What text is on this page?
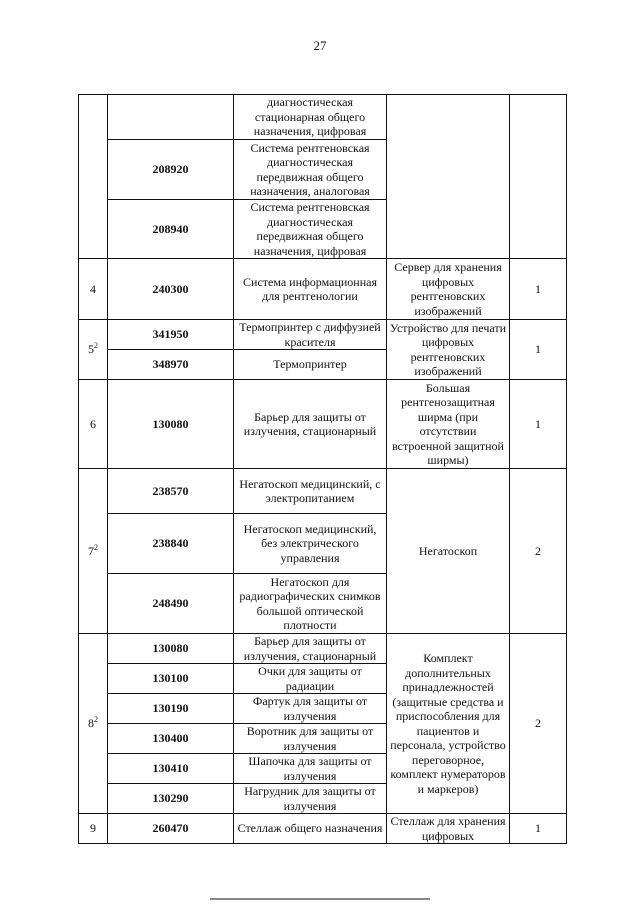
27
		диагностическая стационарная общего назначения, цифровая		
	208920	Система рентгеновская диагностическая передвижная общего назначения, аналоговая		
	208940	Система рентгеновская диагностическая передвижная общего назначения, цифровая		
4	240300	Система информационная для рентгенологии	Сервер для хранения цифровых рентгеновских изображений	1
$5^2$	341950	Термопринтер с диффузией красителя	Устройство для печати цифровых рентгеновских изображений	1
	348970	Термопринтер		
6	130080	Барьер для защиты от излучения, стационарный	Большая рентгенозащитная ширма (при отсутствии встроенной защитной ширмы)	1
$7^2$	238570	Негатоскоп медицинский, с электропитанием	Негатоскоп	2
	238840	Негатоскоп медицинский, без электрического управления		
	248490	Негатоскоп для радиографических снимков большой оптической плотности		
$8^2$	130080	Барьер для защиты от излучения, стационарный	Комплект дополнительных принадлежностей (защитные средства и приспособления для пациентов и персонала, устройство переговорное, комплект нумераторов и маркеров)	2
	130100	Очки для защиты от радиации		
	130190	Фартук для защиты от излучения		
	130400	Воротник для защиты от излучения		
	130410	Шапочка для защиты от излучения		
	130290	Нагрудник для защиты от излучения		
9	260470	Стеллаж общего назначения	Стеллаж для хранения цифровых	1
